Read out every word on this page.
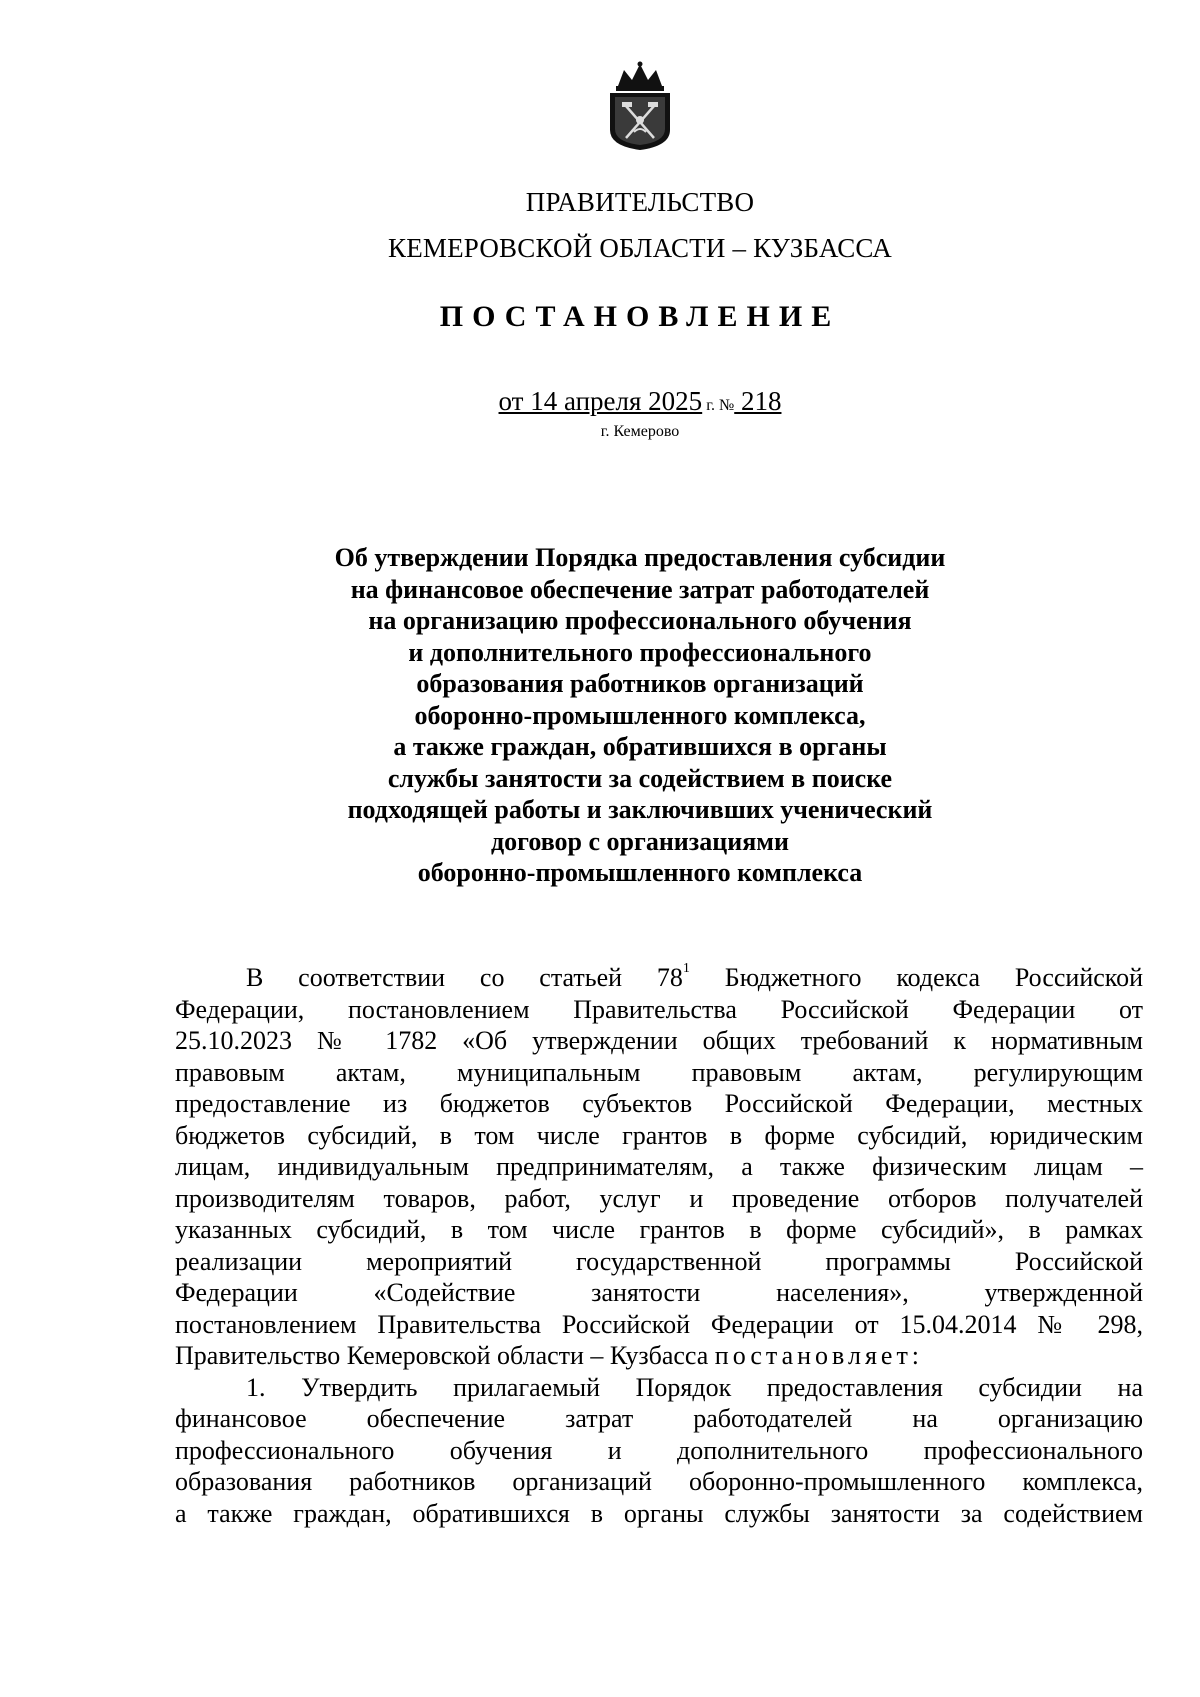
ПРАВИТЕЛЬСТВО
КЕМЕРОВСКОЙ ОБЛАСТИ – КУЗБАССА
ПОСТАНОВЛЕНИЕ
от 14 апреля 2025 г. № 218
г. Кемерово
Об утверждении Порядка предоставления субсидии
на финансовое обеспечение затрат работодателей
на организацию профессионального обучения
и дополнительного профессионального
образования работников организаций
оборонно-промышленного комплекса,
а также граждан, обратившихся в органы
службы занятости за содействием в поиске
подходящей работы и заключивших ученический
договор с организациями
оборонно-промышленного комплекса
В соответствии со статьей $78^1$ Бюджетного кодекса Российской
Федерации, постановлением Правительства Российской Федерации от
25.10.2023 № 1782 «Об утверждении общих требований к нормативным
правовым актам, муниципальным правовым актам, регулирующим
предоставление из бюджетов субъектов Российской Федерации, местных
бюджетов субсидий, в том числе грантов в форме субсидий, юридическим
лицам, индивидуальным предпринимателям, а также физическим лицам –
производителям товаров, работ, услуг и проведение отборов получателей
указанных субсидий, в том числе грантов в форме субсидий», в рамках
реализации мероприятий государственной программы Российской
Федерации «Содействие занятости населения», утвержденной
постановлением Правительства Российской Федерации от 15.04.2014 № 298,
Правительство Кемеровской области – Кузбасса постановляет:
1. Утвердить прилагаемый Порядок предоставления субсидии на
финансовое обеспечение затрат работодателей на организацию
профессионального обучения и дополнительного профессионального
образования работников организаций оборонно-промышленного комплекса,
а также граждан, обратившихся в органы службы занятости за содействием
